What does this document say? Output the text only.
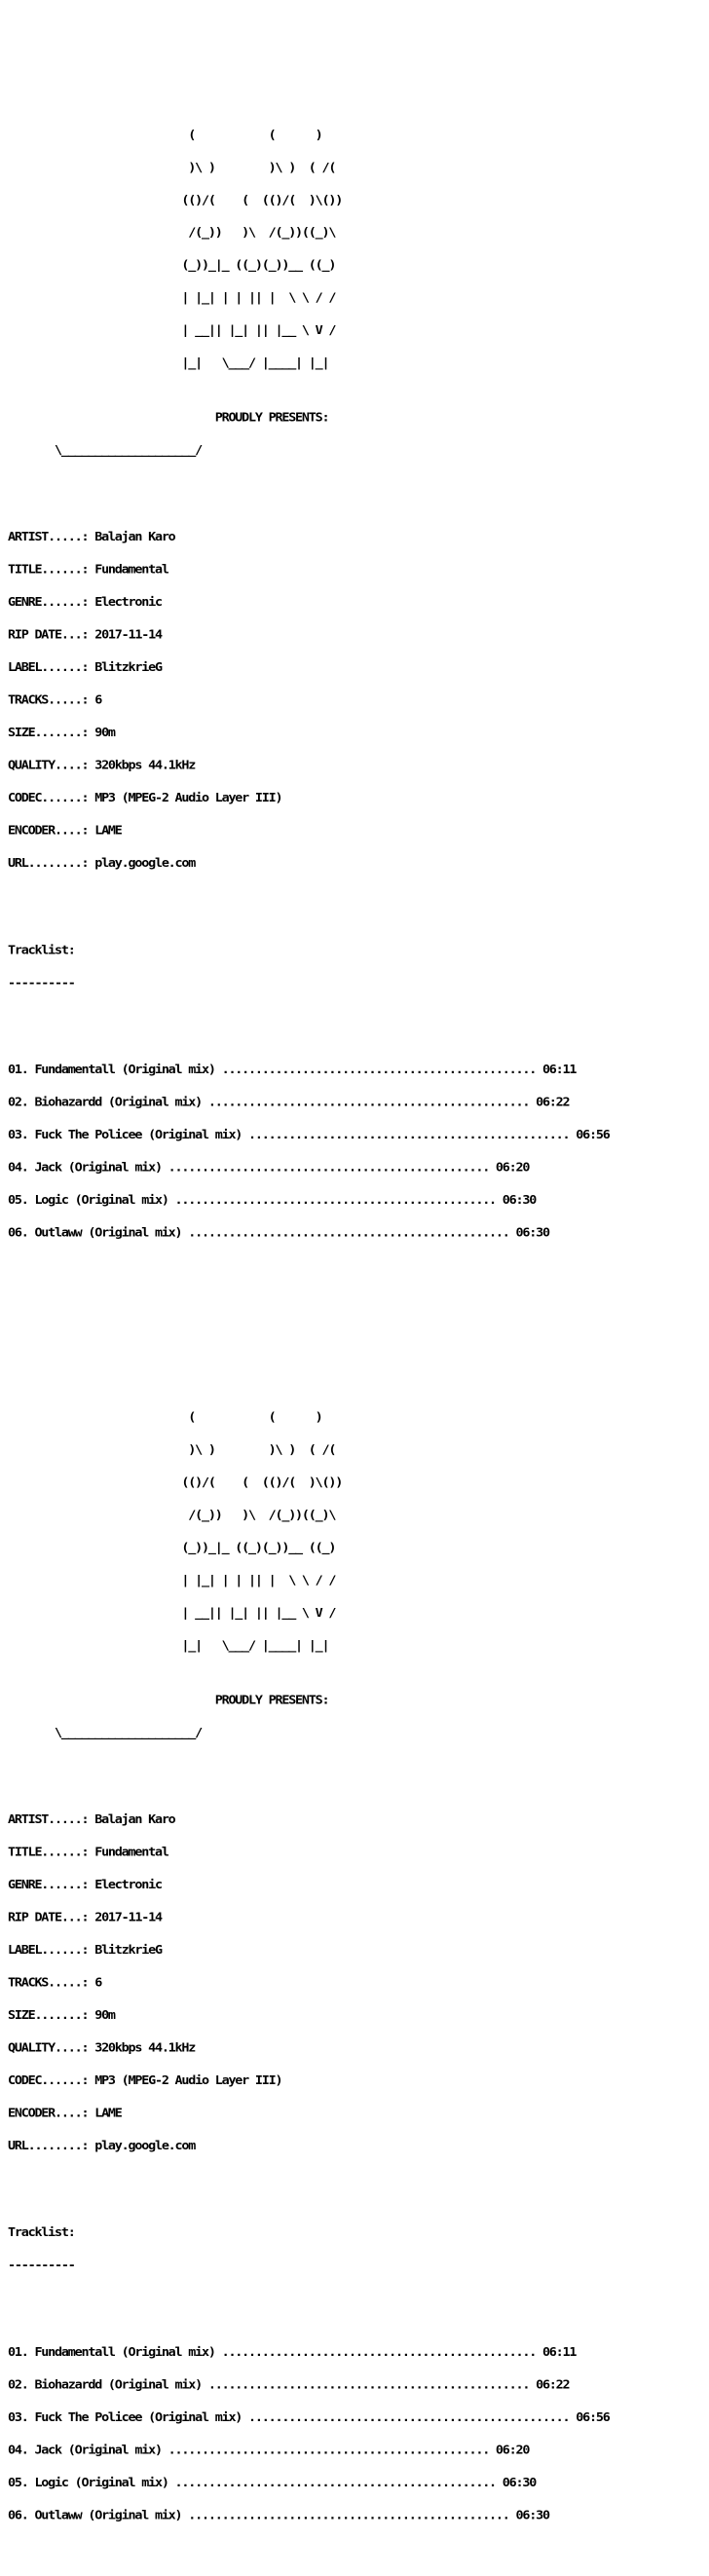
(           (      )

)\ )        )\ )  ( /(

(()/(    (  (()/(  )\())

/(_))   )\  /(_))((_)\

(_))_|_ ((_)(_))__ ((_)

| |_| | | || |  \ \ / /

| __|| |_| || |__ \ V /

|_|   \___/ |____| |_|

PROUDLY PRESENTS:

\____________________/

ARTIST.....: Balajan Karo

TITLE......: Fundamental

GENRE......: Electronic

RIP DATE...: 2017-11-14

LABEL......: BlitzkrieG

TRACKS.....: 6

SIZE.......: 90m

QUALITY....: 320kbps 44.1kHz

CODEC......: MP3 (MPEG-2 Audio Layer III)

ENCODER....: LAME

URL........: play.google.com

Tracklist:

----------

01. Fundamentall (Original mix) ............................................... 06:11

02. Biohazardd (Original mix) ................................................ 06:22

03. Fuck The Policee (Original mix) ................................................ 06:56

04. Jack (Original mix) ................................................ 06:20

05. Logic (Original mix) ................................................ 06:30

06. Outlaww (Original mix) ................................................ 06:30

(           (      )

)\ )        )\ )  ( /(

(()/(    (  (()/(  )\())

/(_))   )\  /(_))((_)\

(_))_|_ ((_)(_))__ ((_)

| |_| | | || |  \ \ / /

| __|| |_| || |__ \ V /

|_|   \___/ |____| |_|

PROUDLY PRESENTS:

\____________________/

ARTIST.....: Balajan Karo

TITLE......: Fundamental

GENRE......: Electronic

RIP DATE...: 2017-11-14

LABEL......: BlitzkrieG

TRACKS.....: 6

SIZE.......: 90m

QUALITY....: 320kbps 44.1kHz

CODEC......: MP3 (MPEG-2 Audio Layer III)

ENCODER....: LAME

URL........: play.google.com

Tracklist:

----------

01. Fundamentall (Original mix) ............................................... 06:11

02. Biohazardd (Original mix) ................................................ 06:22

03. Fuck The Policee (Original mix) ................................................ 06:56

04. Jack (Original mix) ................................................ 06:20

05. Logic (Original mix) ................................................ 06:30

06. Outlaww (Original mix) ................................................ 06:30
